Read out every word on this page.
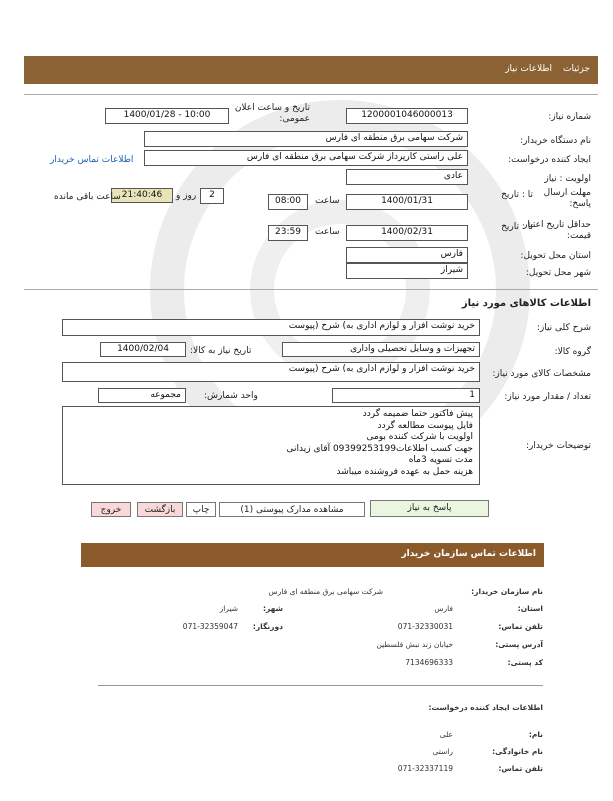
جزئیات
اطلاعات نیاز
شماره نیاز:
1200001046000013
تاریخ و ساعت اعلان عمومی:
1400/01/28 - 10:00
نام دستگاه خریدار:
شرکت سهامی برق منطقه ای فارس
ایجاد کننده درخواست:
علی راستی کارپرداز شرکت سهامی برق منطقه ای فارس
اطلاعات تماس خریدار
اولویت : نیاز
عادی
مهلت ارسال پاسخ:
تا : تاریخ
1400/01/31
ساعت
08:00
2
روز و
21:40:46
ساعت باقی مانده
حداقل تاریخ اعتبار قیمت:
تا : تاریخ
1400/02/31
ساعت
23:59
استان محل تحویل:
فارس
شهر محل تحویل:
شیراز
اطلاعات کالاهای مورد نیاز
شرح کلی نیاز:
خرید نوشت افزار و لوازم اداری به) شرح (پیوست
گروه کالا:
تجهیزات و وسایل تحصیلی واداری
تاریخ نیاز به کالا:
1400/02/04
مشخصات کالای مورد نیاز:
خرید نوشت افزار و لوازم اداری به) شرح (پیوست
تعداد / مقدار مورد نیاز:
1
واحد شمارش:
مجموعه
توضیحات خریدار:
پیش فاکتور حتما ضمیمه گردد
فایل پیوست مطالعه گردد
اولویت با شرکت کننده بومی
جهت کسب اطلاعات09399253199 آقای زیدانی
مدت تسویه 3ماه
هزینه حمل به عهده فروشنده میباشد
پاسخ به نیاز
مشاهده مدارک پیوستی (1)
چاپ
بازگشت
خروج
اطلاعات تماس سازمان خریدار
نام سازمان خریدار:
شرکت سهامی برق منطقه ای فارس
استان:
فارس
شهر:
شیراز
تلفن تماس:
071-32330031
دورنگار:
071-32359047
آدرس پستی:
خیابان زند نبش فلسطین
کد پستی:
7134696333
اطلاعات ایجاد کننده درخواست:
نام:
علی
نام خانوادگی:
راستی
تلفن تماس:
071-32337119
